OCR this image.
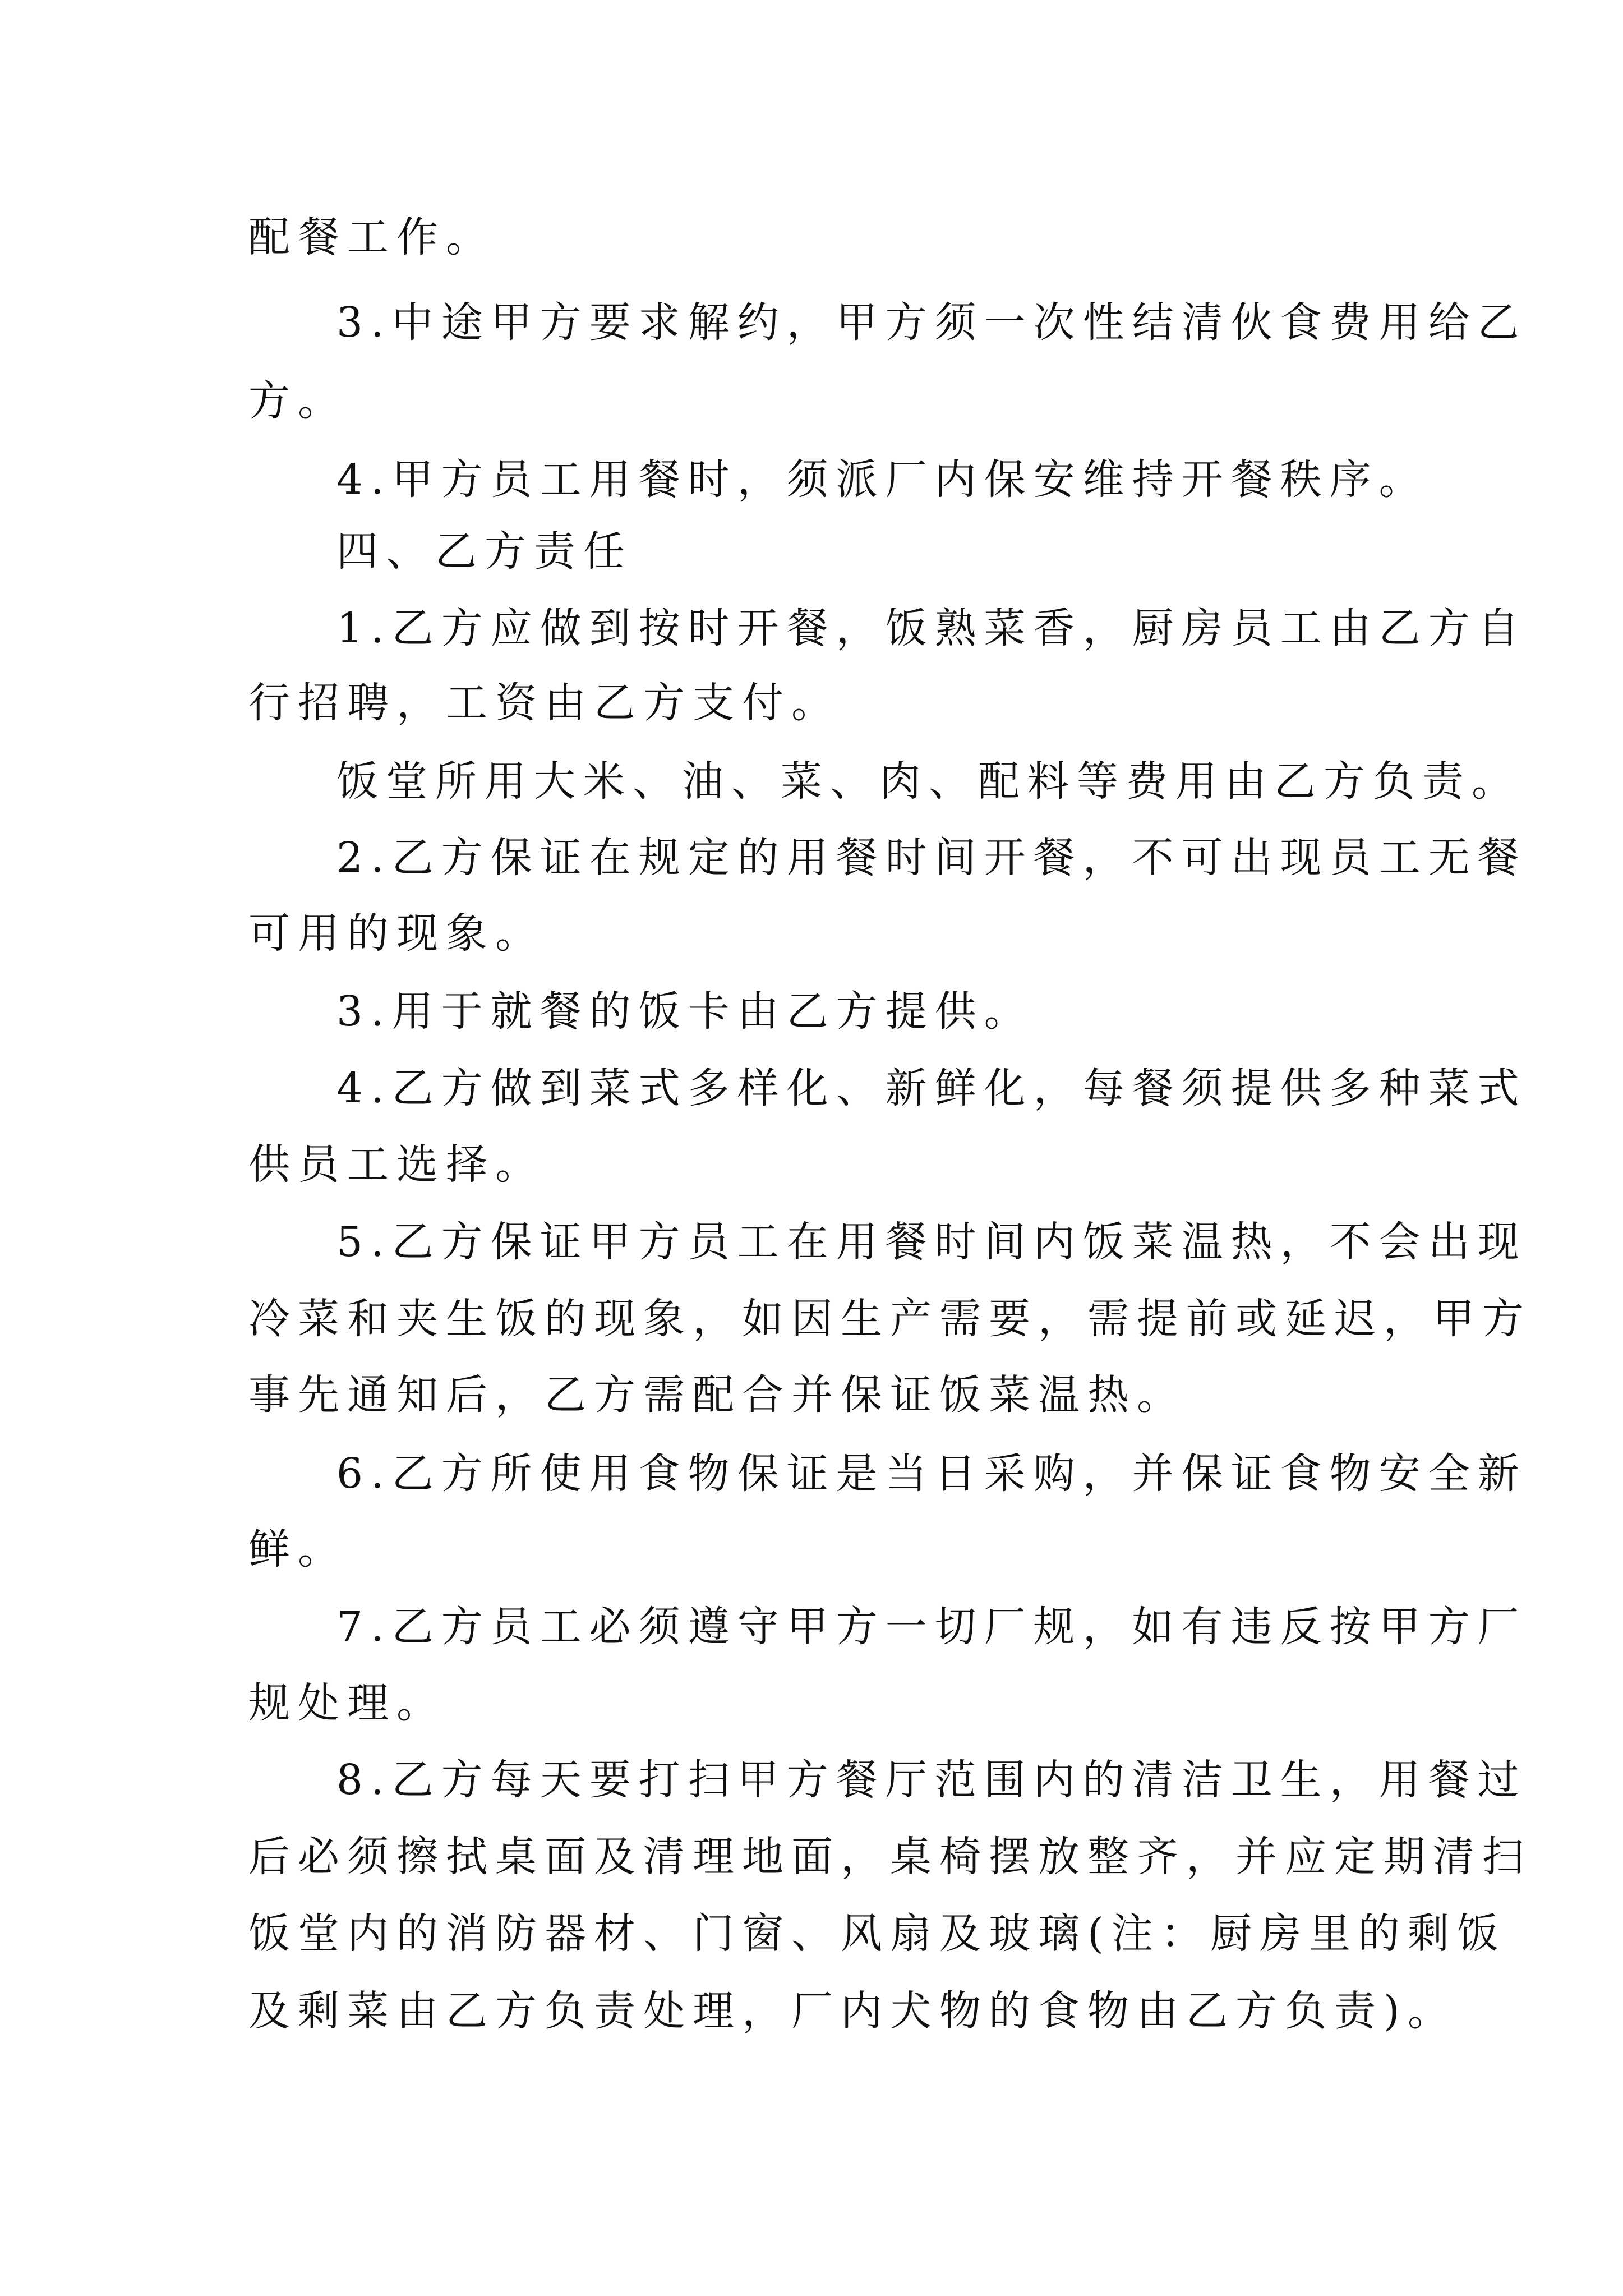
配餐工作。

3.中途甲方要求解约，甲方须一次性结清伙食费用给乙

方。

4.甲方员工用餐时，须派厂内保安维持开餐秩序。

四、乙方责任

1.乙方应做到按时开餐，饭熟菜香，厨房员工由乙方自

行招聘，工资由乙方支付。

饭堂所用大米、油、菜、肉、配料等费用由乙方负责。

2.乙方保证在规定的用餐时间开餐，不可出现员工无餐

可用的现象。

3.用于就餐的饭卡由乙方提供。

4.乙方做到菜式多样化、新鲜化，每餐须提供多种菜式

供员工选择。

5.乙方保证甲方员工在用餐时间内饭菜温热，不会出现

冷菜和夹生饭的现象，如因生产需要，需提前或延迟，甲方

事先通知后，乙方需配合并保证饭菜温热。

6.乙方所使用食物保证是当日采购，并保证食物安全新

鲜。

7.乙方员工必须遵守甲方一切厂规，如有违反按甲方厂

规处理。

8.乙方每天要打扫甲方餐厅范围内的清洁卫生，用餐过

后必须擦拭桌面及清理地面，桌椅摆放整齐，并应定期清扫

饭堂内的消防器材、门窗、风扇及玻璃(注：厨房里的剩饭

及剩菜由乙方负责处理，厂内犬物的食物由乙方负责)。
